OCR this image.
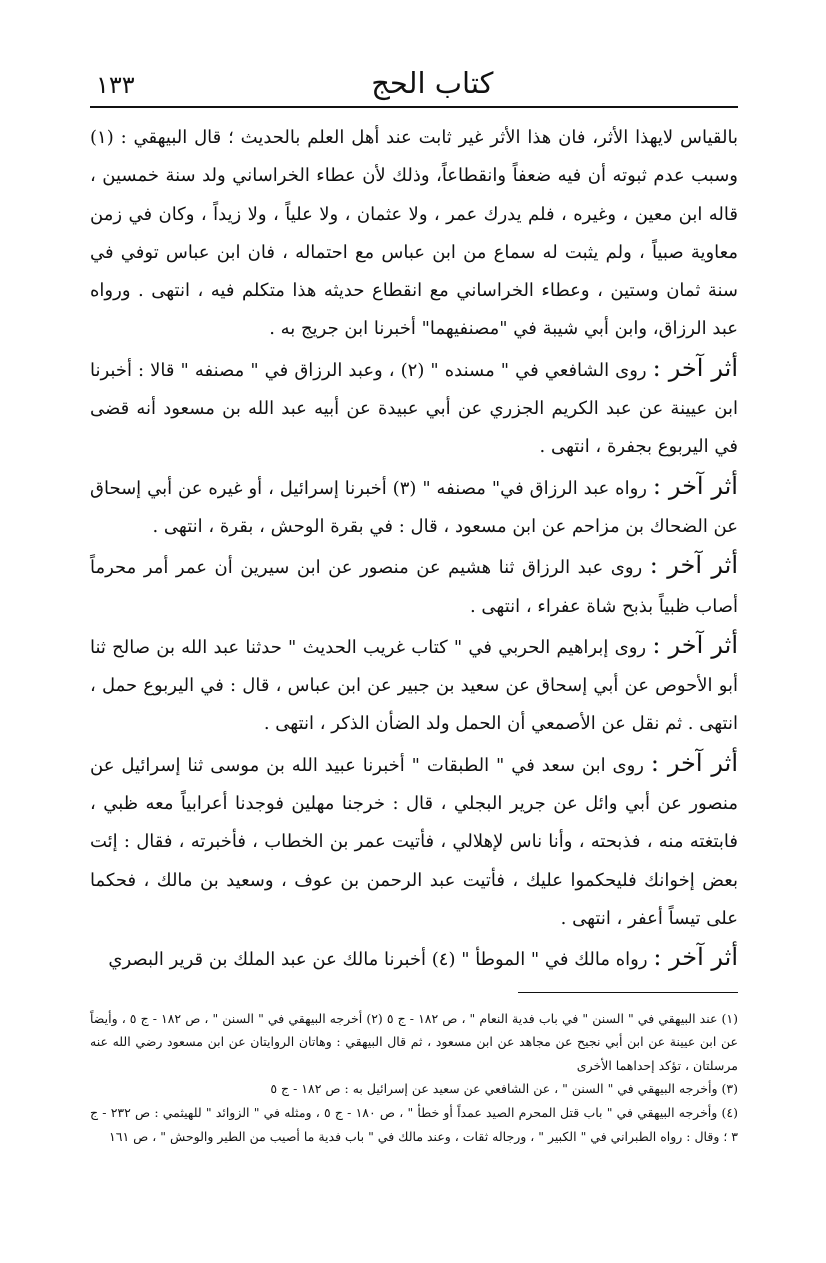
كتاب الحج
١٣٣

بالقياس لايهذا الأثر، فان هذا الأثر غير ثابت عند أهل العلم بالحديث ؛ قال البيهقي : (١) وسبب عدم ثبوته أن فيه ضعفاً وانقطاعاً، وذلك لأن عطاء الخراساني ولد سنة خمسين ، قاله ابن معين ، وغيره ، فلم يدرك عمر ، ولا عثمان ، ولا علياً ، ولا زيداً ، وكان في زمن معاوية صبياً ، ولم يثبت له سماع من ابن عباس مع احتماله ، فان ابن عباس توفي في سنة ثمان وستين ، وعطاء الخراساني مع انقطاع حديثه هذا متكلم فيه ، انتهى . ورواه عبد الرزاق، وابن أبي شيبة في "مصنفيهما" أخبرنا ابن جريج به .

أثر آخر : روى الشافعي في " مسنده " (٢) ، وعبد الرزاق في " مصنفه " قالا : أخبرنا ابن عيينة عن عبد الكريم الجزري عن أبي عبيدة عن أبيه عبد الله بن مسعود أنه قضى في اليربوع بجفرة ، انتهى .

أثر آخر : رواه عبد الرزاق في" مصنفه " (٣) أخبرنا إسرائيل ، أو غيره عن أبي إسحاق عن الضحاك بن مزاحم عن ابن مسعود ، قال : في بقرة الوحش ، بقرة ، انتهى .

أثر آخر : روى عبد الرزاق ثنا هشيم عن منصور عن ابن سيرين أن عمر أمر محرماً أصاب ظبياً بذبح شاة عفراء ، انتهى .

أثر آخر : روى إبراهيم الحربي في " كتاب غريب الحديث " حدثنا عبد الله بن صالح ثنا أبو الأحوص عن أبي إسحاق عن سعيد بن جبير عن ابن عباس ، قال : في اليربوع حمل ، انتهى . ثم نقل عن الأصمعي أن الحمل ولد الضأن الذكر ، انتهى .

أثر آخر : روى ابن سعد في " الطبقات " أخبرنا عبيد الله بن موسى ثنا إسرائيل عن منصور عن أبي وائل عن جرير البجلي ، قال : خرجنا مهلين فوجدنا أعرابياً معه ظبي ، فابتغته منه ، فذبحته ، وأنا ناس لإهلالي ، فأتيت عمر بن الخطاب ، فأخبرته ، فقال : إئت بعض إخوانك فليحكموا عليك ، فأتيت عبد الرحمن بن عوف ، وسعيد بن مالك ، فحكما على تيساً أعفر ، انتهى .

أثر آخر : رواه مالك في " الموطأ " (٤) أخبرنا مالك عن عبد الملك بن قرير البصري

(١) عند البيهقي في " السنن " في باب فدية النعام " ، ص ١٨٢ - ج ٥ (٢) أخرجه البيهقي في " السنن " ، ص ١٨٢ - ج ٥ ، وأيضاً عن ابن عيينة عن ابن أبي نجيح عن مجاهد عن ابن مسعود ، ثم قال البيهقي : وهاتان الروايتان عن ابن مسعود رضي الله عنه مرسلتان ، تؤكد إحداهما الأخرى

(٣) وأخرجه البيهقي في " السنن " ، عن الشافعي عن سعيد عن إسرائيل به : ص ١٨٢ - ج ٥

(٤) وأخرجه البيهقي في " باب قتل المحرم الصيد عمداً أو خطأ " ، ص ١٨٠ - ج ٥ ، ومثله في " الزوائد " للهيثمي : ص ٢٣٢ - ج ٣ ؛ وقال : رواه الطبراني في " الكبير " ، ورجاله ثقات ، وعند مالك في " باب فدية ما أصيب من الطير والوحش " ، ص ١٦١
